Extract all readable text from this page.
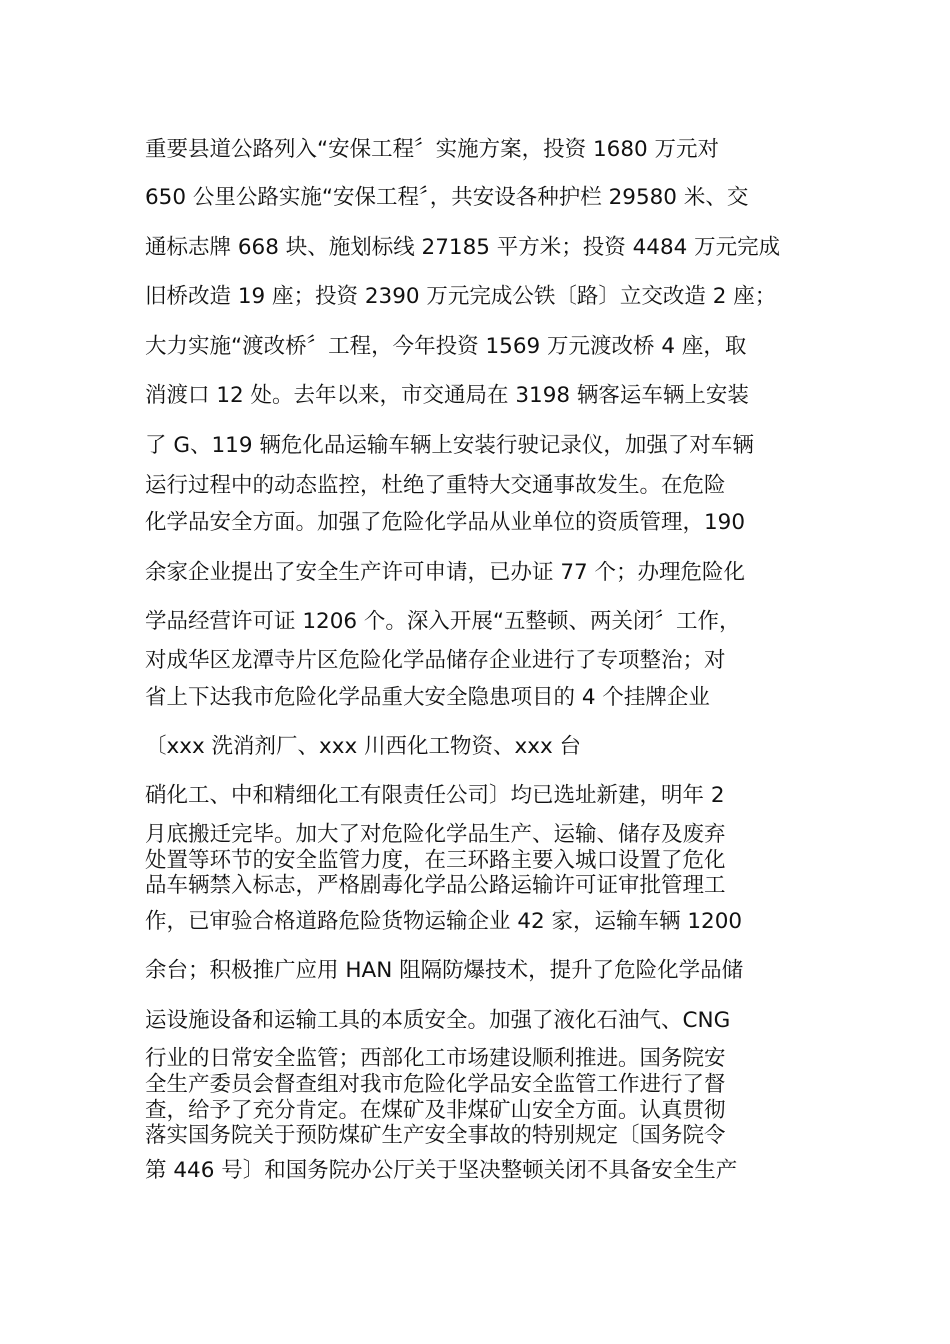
重要县道公路列入“安保工程〞实施方案，投资 1680 万元对
650 公里公路实施“安保工程〞，共安设各种护栏 29580 米、交
通标志牌 668 块、施划标线 27185 平方米；投资 4484 万元完成
旧桥改造 19 座；投资 2390 万元完成公铁〔路〕立交改造 2 座；
大力实施“渡改桥〞工程，今年投资 1569 万元渡改桥 4 座，取
消渡口 12 处。去年以来，市交通局在 3198 辆客运车辆上安装
了 G、119 辆危化品运输车辆上安装行驶记录仪，加强了对车辆
运行过程中的动态监控，杜绝了重特大交通事故发生。在危险
化学品安全方面。加强了危险化学品从业单位的资质管理，190
余家企业提出了安全生产许可申请，已办证 77 个；办理危险化
学品经营许可证 1206 个。深入开展“五整顿、两关闭〞工作，
对成华区龙潭寺片区危险化学品储存企业进行了专项整治；对
省上下达我市危险化学品重大安全隐患项目的 4 个挂牌企业
〔xxx 洗消剂厂、xxx 川西化工物资、xxx 台
硝化工、中和精细化工有限责任公司〕均已选址新建，明年 2
月底搬迁完毕。加大了对危险化学品生产、运输、储存及废弃
处置等环节的安全监管力度，在三环路主要入城口设置了危化
品车辆禁入标志，严格剧毒化学品公路运输许可证审批管理工
作，已审验合格道路危险货物运输企业 42 家，运输车辆 1200
余台；积极推广应用 HAN 阻隔防爆技术，提升了危险化学品储
运设施设备和运输工具的本质安全。加强了液化石油气、CNG
行业的日常安全监管；西部化工市场建设顺利推进。国务院安
全生产委员会督查组对我市危险化学品安全监管工作进行了督
查，给予了充分肯定。在煤矿及非煤矿山安全方面。认真贯彻
落实国务院关于预防煤矿生产安全事故的特别规定〔国务院令
第 446 号〕和国务院办公厅关于坚决整顿关闭不具备安全生产
